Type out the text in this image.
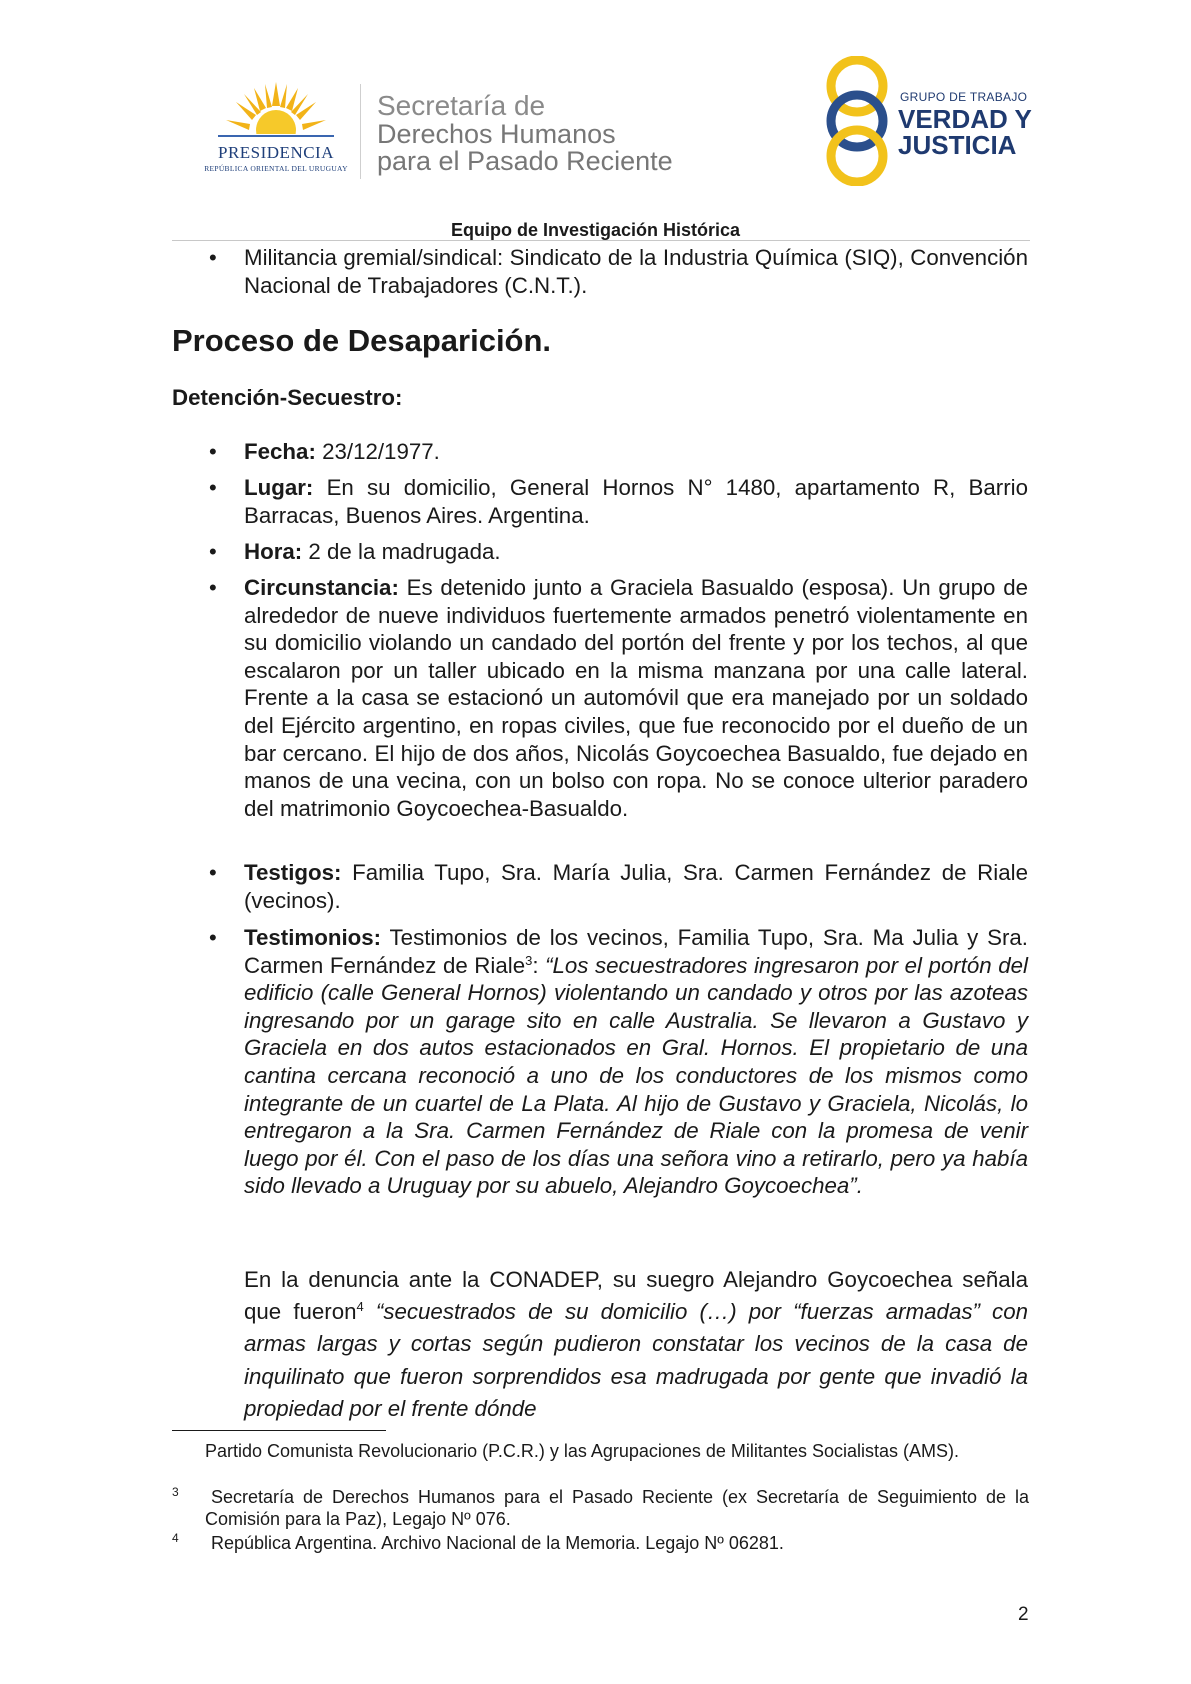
PRESIDENCIA
REPÚBLICA ORIENTAL DEL URUGUAY
Secretaría de
Derechos Humanos
para el Pasado Reciente
GRUPO DE TRABAJO
VERDAD Y
JUSTICIA
Equipo de Investigación Histórica
• Militancia gremial/sindical: Sindicato de la Industria Química (SIQ), Convención Nacional de Trabajadores (C.N.T.).
Proceso de Desaparición.
Detención-Secuestro:
• Fecha: 23/12/1977.
• Lugar: En su domicilio, General Hornos N° 1480, apartamento R, Barrio Barracas, Buenos Aires. Argentina.
• Hora: 2 de la madrugada.
• Circunstancia: Es detenido junto a Graciela Basualdo (esposa). Un grupo de alrededor de nueve individuos fuertemente armados penetró violentamente en su domicilio violando un candado del portón del frente y por los techos, al que escalaron por un taller ubicado en la misma manzana por una calle lateral. Frente a la casa se estacionó un automóvil que era manejado por un soldado del Ejército argentino, en ropas civiles, que fue reconocido por el dueño de un bar cercano. El hijo de dos años, Nicolás Goycoechea Basualdo, fue dejado en manos de una vecina, con un bolso con ropa. No se conoce ulterior paradero del matrimonio Goycoechea-Basualdo.
• Testigos: Familia Tupo, Sra. María Julia, Sra. Carmen Fernández de Riale (vecinos).
• Testimonios: Testimonios de los vecinos, Familia Tupo, Sra. Ma Julia y Sra. Carmen Fernández de Riale$^3$: “Los secuestradores ingresaron por el portón del edificio (calle General Hornos) violentando un candado y otros por las azoteas ingresando por un garage sito en calle Australia. Se llevaron a Gustavo y Graciela en dos autos estacionados en Gral. Hornos. El propietario de una cantina cercana reconoció a uno de los conductores de los mismos como integrante de un cuartel de La Plata. Al hijo de Gustavo y Graciela, Nicolás, lo entregaron a la Sra. Carmen Fernández de Riale con la promesa de venir luego por él. Con el paso de los días una señora vino a retirarlo, pero ya había sido llevado a Uruguay por su abuelo, Alejandro Goycoechea”.
En la denuncia ante la CONADEP, su suegro Alejandro Goycoechea señala que fueron$^4$ “secuestrados de su domicilio (…) por “fuerzas armadas” con armas largas y cortas según pudieron constatar los vecinos de la casa de inquilinato que fueron sorprendidos esa madrugada por gente que invadió la propiedad por el frente dónde
Partido Comunista Revolucionario (P.C.R.) y las Agrupaciones de Militantes Socialistas (AMS).
3	Secretaría de Derechos Humanos para el Pasado Reciente (ex Secretaría de Seguimiento de la Comisión para la Paz), Legajo Nº 076.
4	República Argentina. Archivo Nacional de la Memoria. Legajo Nº 06281.
2
